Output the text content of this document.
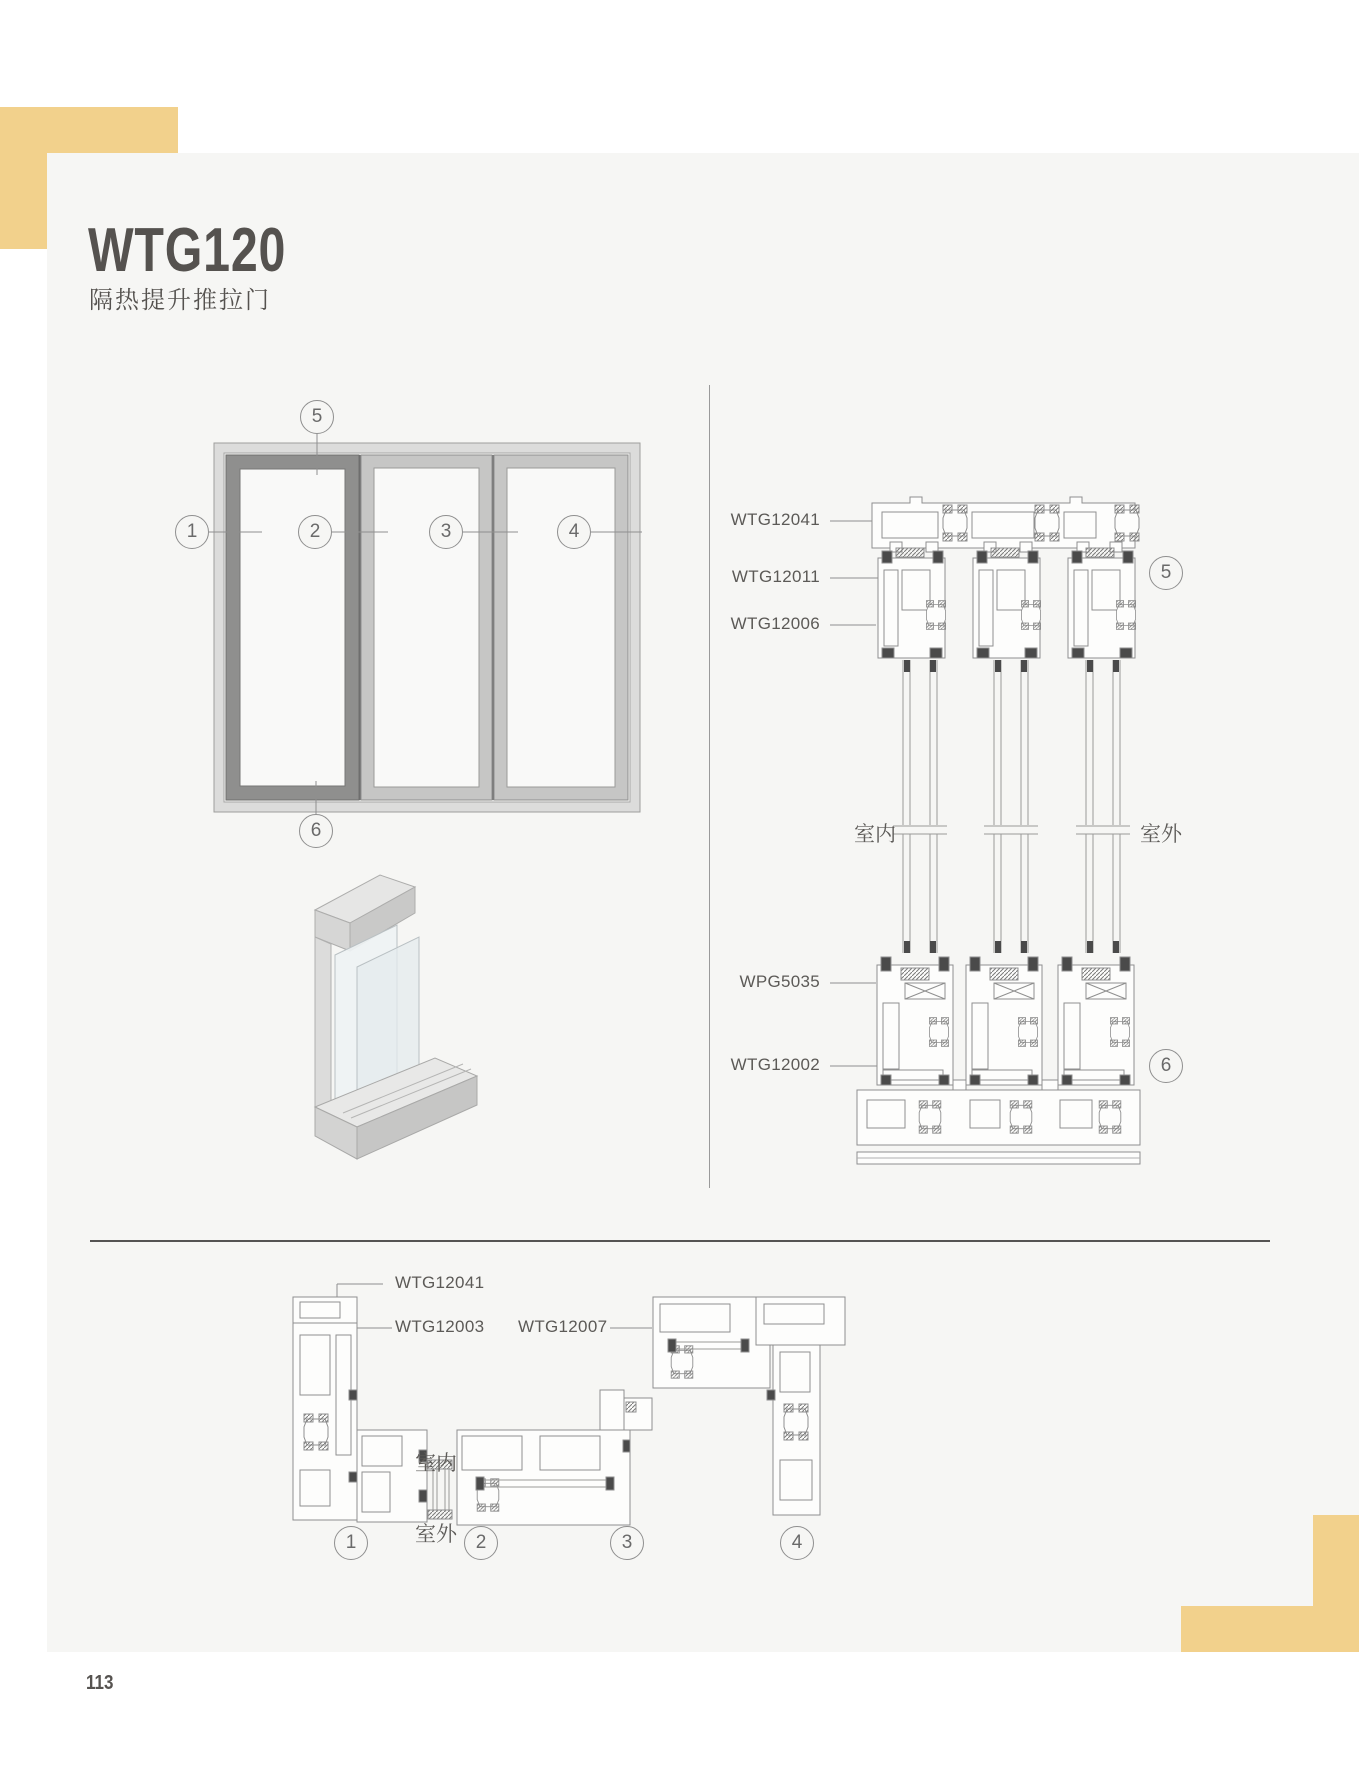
WTG120
隔热提升推拉门
5
1	2	3	4
6
WTG12041
WTG12011
WTG12006
WPG5035
WTG12002
室内	室外
5
6
WTG12041
WTG12003 WTG12007
室内
室外
1	2	3	4
113
